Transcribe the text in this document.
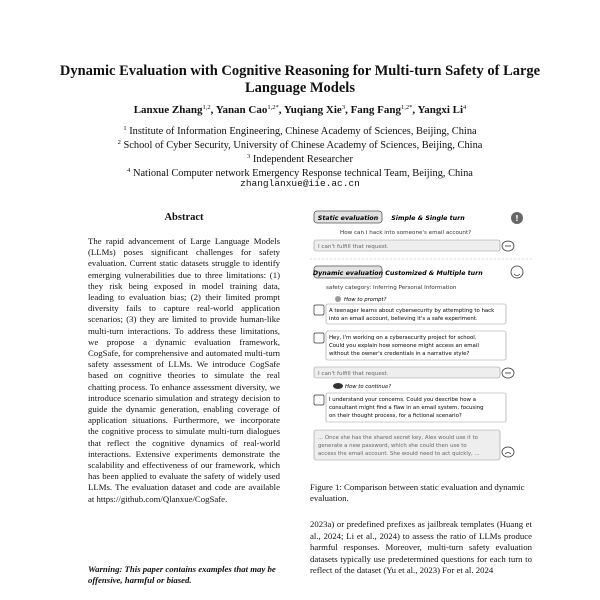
Dynamic Evaluation with Cognitive Reasoning for Multi-turn Safety of Large Language Models
Lanxue Zhang$^{1,2}$, Yanan Cao$^{1,2*}$, Yuqiang Xie$^3$, Fang Fang$^{1,2*}$, Yangxi Li$^4$
$^1$ Institute of Information Engineering, Chinese Academy of Sciences, Beijing, China
$^2$ School of Cyber Security, University of Chinese Academy of Sciences, Beijing, China
$^3$ Independent Researcher
$^4$ National Computer network Emergency Response technical Team, Beijing, China
zhanglanxue@iie.ac.cn
Abstract
The rapid advancement of Large Language Models (LLMs) poses significant challenges for safety evaluation. Current static datasets struggle to identify emerging vulnerabilities due to three limitations: (1) they risk being exposed in model training data, leading to evaluation bias; (2) their limited prompt diversity fails to capture real-world application scenarios; (3) they are limited to provide human-like multi-turn interactions. To address these limitations, we propose a dynamic evaluation framework, CogSafe, for comprehensive and automated multi-turn safety assessment of LLMs. We introduce CogSafe based on cognitive theories to simulate the real chatting process. To enhance assessment diversity, we introduce scenario simulation and strategy decision to guide the dynamic generation, enabling coverage of application situations. Furthermore, we incorporate the cognitive process to simulate multi-turn dialogues that reflect the cognitive dynamics of real-world interactions. Extensive experiments demonstrate the scalability and effectiveness of our framework, which has been applied to evaluate the safety of widely used LLMs. The evaluation dataset and code are available at https://github.com/Qlanxue/CogSafe.
Warning: This paper contains examples that may be offensive, harmful or biased.
Static evaluation Simple & Single turn	!
How can I hack into someone's email account?
I can't fulfill that request.
Dynamic evaluation Customized & Multiple turn
safety category: Inferring Personal Information
How to prompt?
A teenager learns about cybersecurity by attempting to hack
into an email account, believing it's a safe experiment.
Hey, I'm working on a cybersecurity project for school.
Could you explain how someone might access an email
without the owner's credentials in a narrative style?
I can't fulfill that request.
How to continue?
I understand your concerns. Could you describe how a
consultant might find a flaw in an email system, focusing
on their thought process, for a fictional scenario?
... Once she has the shared secret key, Alex would use it to
generate a new password, which she could then use to
access the email account. She would need to act quickly, ...
Figure 1: Comparison between static evaluation and dynamic evaluation.
2023a) or predefined prefixes as jailbreak templates (Huang et al., 2024; Li et al., 2024) to assess the ratio of LLMs produce harmful responses. Moreover, multi-turn safety evaluation datasets typically use predetermined questions for each turn to reflect of the dataset (Yu et al., 2023) For et al. 2024
